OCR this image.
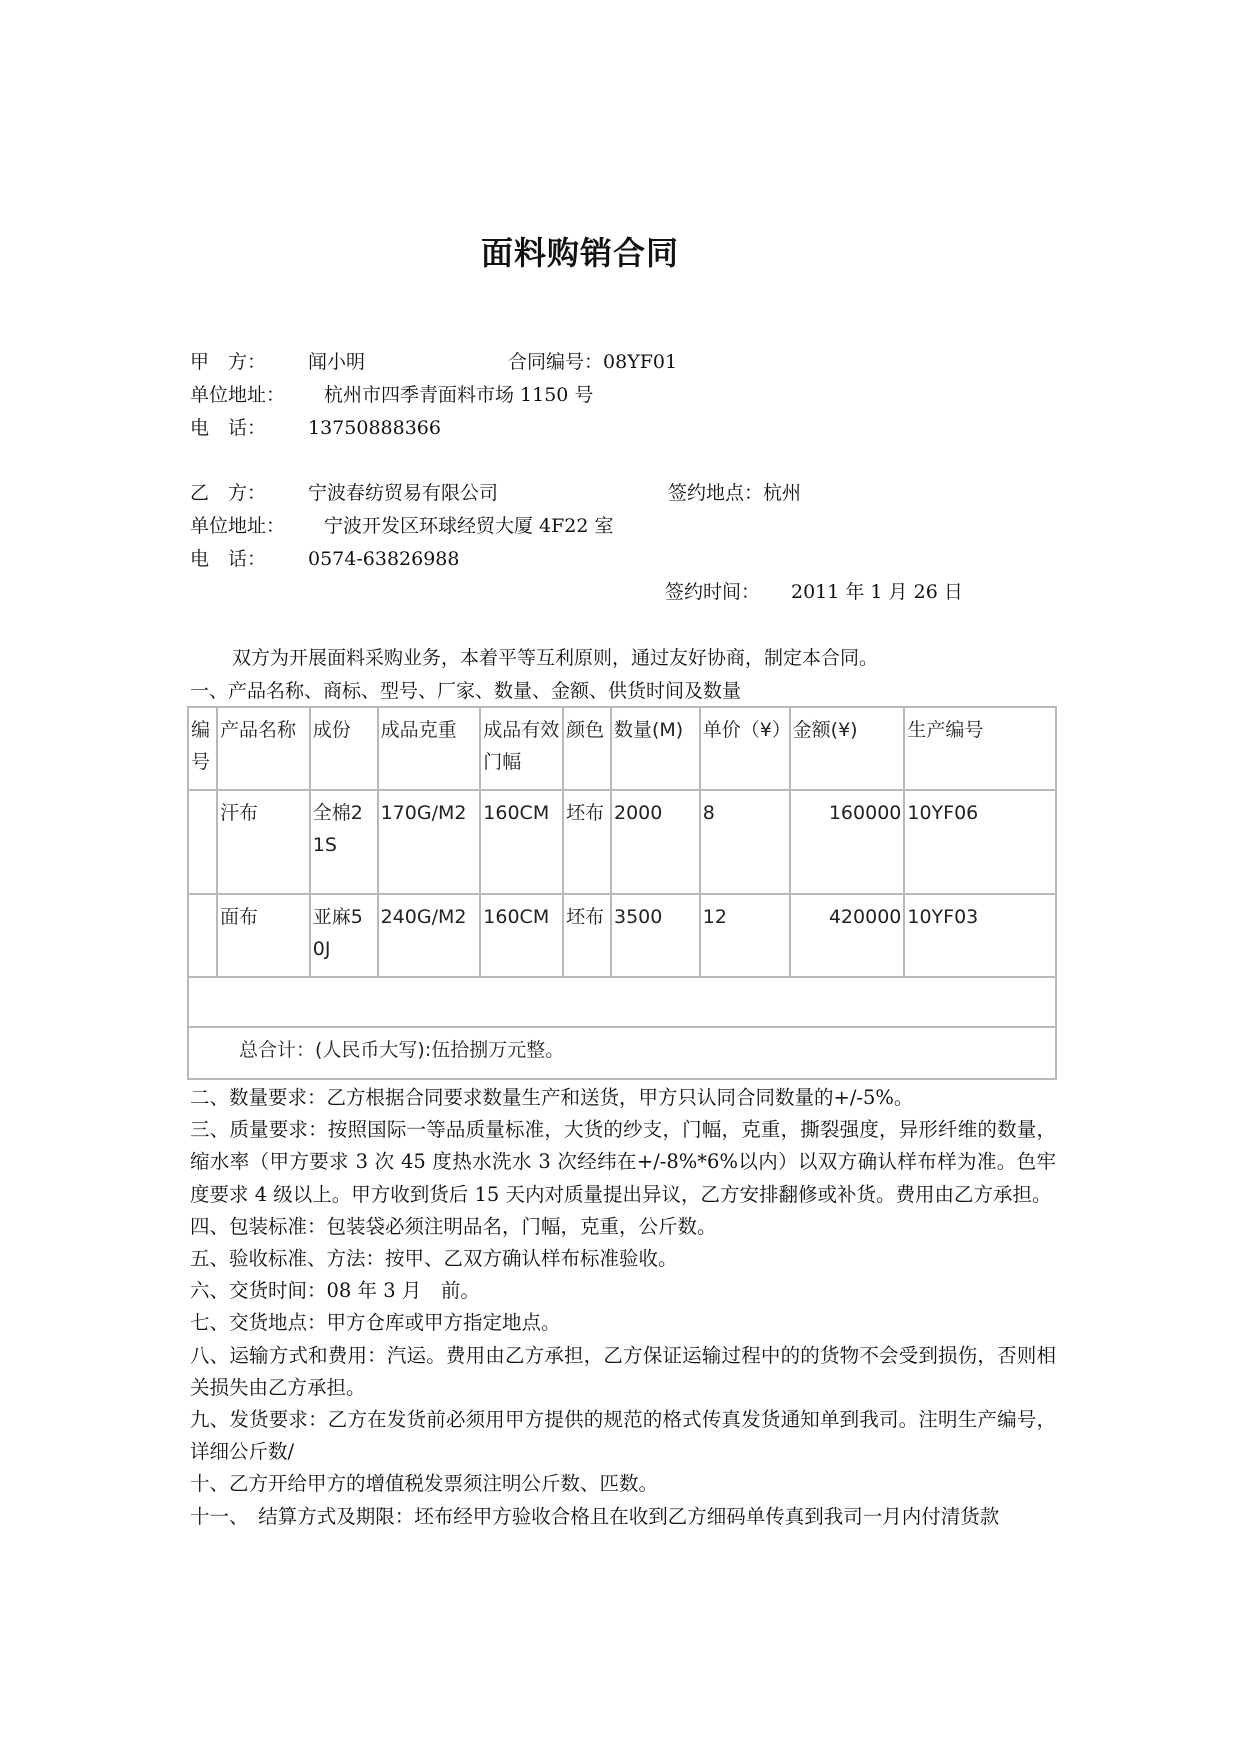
面料购销合同
甲　方： 闻小明	合同编号：08YF01
单位地址： 杭州市四季青面料市场 1150 号
电　话： 13750888366
乙　方： 宁波春纺贸易有限公司	签约地点：杭州
单位地址： 宁波开发区环球经贸大厦 4F22 室
电　话： 0574-63826988
签约时间： 2011 年 1 月 26 日
双方为开展面料采购业务，本着平等互利原则，通过友好协商，制定本合同。
一、产品名称、商标、型号、厂家、数量、金额、供货时间及数量
编号	产品名称	成份	成品克重	成品有效门幅	颜色	数量(M)	单价（¥）	金额(¥)	生产编号
	汗布	全棉21S	170G/M2	160CM	坯布	2000	8	160000	10YF06
	面布	亚麻50J	240G/M2	160CM	坯布	3500	12	420000	10YF03

总合计：(人民币大写):伍拾捌万元整。									

二、数量要求：乙方根据合同要求数量生产和送货，甲方只认同合同数量的+/-5%。

三、质量要求：按照国际一等品质量标准，大货的纱支，门幅，克重，撕裂强度，异形纤维的数量，缩水率（甲方要求 3 次 45 度热水洗水 3 次经纬在+/-8%*6%以内）以双方确认样布样为准。色牢度要求 4 级以上。甲方收到货后 15 天内对质量提出异议，乙方安排翻修或补货。费用由乙方承担。

四、包装标准：包装袋必须注明品名，门幅，克重，公斤数。

五、验收标准、方法：按甲、乙双方确认样布标准验收。

六、交货时间：08 年 3 月　前。

七、交货地点：甲方仓库或甲方指定地点。

八、运输方式和费用：汽运。费用由乙方承担，乙方保证运输过程中的的货物不会受到损伤，否则相关损失由乙方承担。

九、发货要求：乙方在发货前必须用甲方提供的规范的格式传真发货通知单到我司。注明生产编号，详细公斤数/

十、乙方开给甲方的增值税发票须注明公斤数、匹数。

十一、　结算方式及期限：坯布经甲方验收合格且在收到乙方细码单传真到我司一月内付清货款
